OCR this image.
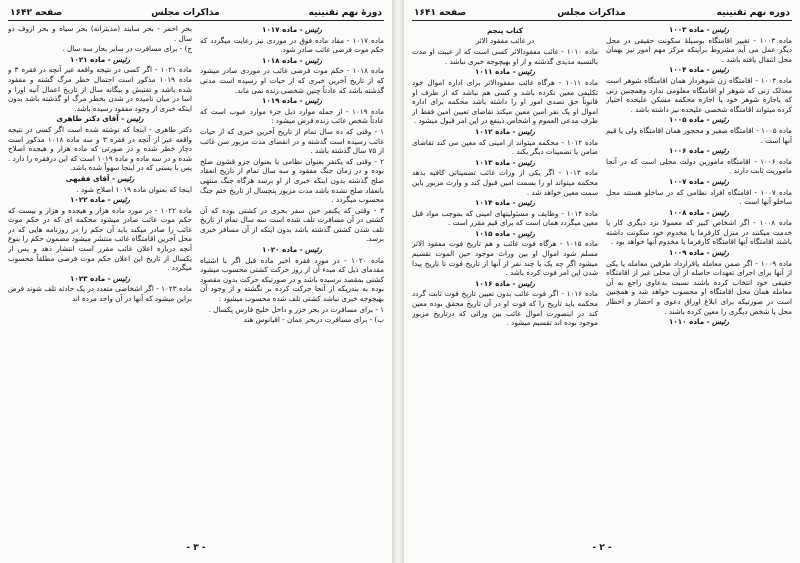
دورهٔ نهم تقنینیه
مذاکرات مجلس
صفحه ۱۶۴۲
رئیس - ماده ۱۰۱۷

ماده ۱۰۱۷ - مفاد ماده فوق در موردی نیز رعایت میگردد که حکم موت فرضی غائب صادر شود.

رئیس - ماده ۱۰۱۸

ماده ۱۰۱۸ - حکم موت فرضی غائب در موردی صادر میشود که از تاریخ آخرین خبری که از حیات او رسیده است مدتی گذشته باشد که عادتاً چنین شخصی زنده نمی ماند.

رئیس - ماده ۱۰۱۹

ماده ۱۰۱۹ - از جمله موارد ذیل جزء موارد عبوب است که عادتاً شخص غائب زنده فرض میشود :

۱ - وقتی که ده سال تمام از تاریخ آخرین خبری که از حیات غائب رسیده است گذشته و در انقضای مدت مزبور سن غائب از ۷۵ سال گذشته باشد .

۲ - وقتی که یکنفر بعنوان نظامی یا بعنوان جزو قشون صلح بوده و در زمان جنگ مفقود و سه سال تمام از تاریخ انعقاد صلح گذشته بدون اینکه خبری از او برسد هرگاه جنگ منتهی بانعقاد صلح نشده باشد مدت مزبور پنجسال از تاریخ ختم جنگ محسوب میگردد .

۳ - وقتی که یکنفر حین سفر بحری در کشتی بوده که آن کشتی در آن مسافرت تلف شده است سه سال تمام از تاریخ تلف شدن کشتی گذشته باشد بدون اینکه از آن مسافر خبری برسد.

رئیس - ماده ۱۰۲۰

ماده ۱۰۲۰ - در مورد فقره اخیر ماده قبل اگر با اشتباه مقدمای ذیل که مبدء آن از روز حرکت کشتی محسوب میشود کشتی بمقصد نرسیده باشد و در صورتیکه حرکت بدون مقصود بوده به بندریکه از آنجا حرکت کرده بر نگشته و از وجود آن بهیچوجه خبری نباشد کشتی تلف شده محسوب میشود :

۱ - برای مسافرت در بحر خزر و داخل خلیج فارس یکسال .

ب) - برای مسافرت دربحر عمان - اقیانوس هند

بحر احمر - بحر سایند (مدیترانه) بحر سیاه و بحر ازوف دو سال .

ج) - برای مسافرت در سایر بحار سه سال .

رئیس - ماده ۱۰۲۱

ماده ۱۰۲۱ - اگر کسی در نتیجه واقعه غیر آنچه در فقره ۳ و ماده ۱۰۱۹ مذکور است احتمال خطر مرگ گشته و مفقود شده باشد و تفتیش و بیگانه سال از تاریخ اعمال آنیه اورا و اسا در میان نامیده در شدن بخطر مرگ او گذشته باشد بدون اینکه خبری از وجود مفقود رسیده باشد.

رئیس - آقای دکتر طاهری

دکتر طاهری - اینجا که نوشته شده است اگر کسی در نتیجه واقعه غیر از آنچه در فقره ۳ و سه ماده ۱۰۱۸ مذکور است دچار خطر شده و در صورتی که ماده هزار و هیجده اصلاح شده و در سه ماده و ماده ۱۰۱۹ است که این درفقره را دارد . پس با یستی که در اینجا سهواً شده باشد.

رئیس - آقای فقیهی

اینجا که بعنوان ماده ۱۰۱۹ اصلاح شود .

رئیس - ماده ۱۰۲۲

ماده ۱۰۲۲ - در مورد ماده هزار و هیجده و هزار و بیست که حکم موت غائب صادر میشود محکمه ای که در حکم موت غائب را صادر میکند باید آن حکم را در روزنامه هایی که در محل آخرین اقامتگاه غائب منتشر میشود مضمون حکم را بنوع آنچه درباره اعلان غائب مقرر است انتشار دهد و پس از یکسال از تاریخ این اعلان حکم موت فرضی مطلقاً محسوب میگردد .

رئیس - ماده ۱۰۲۳

ماده ۱۰۲۳ - اگر اشخاصی متعدد در یک حادثه تلف شوند فرض براین میشود که آنها در آن واحد مرده اند

- ۳ -
دوره نهم تقنینیه
مذاکرات مجلس
صفحه ۱۶۴۱
رئیس - ماده ۱۰۰۳

ماده ۱۰۰۳ - تغییر اقامتگاه بوسیلهٔ سکونت حقیقی در محل دیگر عمل می آید مشروط براینکه مرکز مهم امور نیز بهمان محل انتقال یافته باشد .

رئیس - ماده ۱۰۰۴

ماده ۱۰۰۴ - اقامتگاه زن شوهردار همان اقامتگاه شوهر است معذلک زنی که شوهر او اقامتگاه معلومی ندارد وهمچنین زنی که باجازه شوهر خود یا اجازه محکمه مسکن علیحده اختیار کرده میتواند اقامتگاه شخصی علیحده نیز داشته باشد .

رئیس - ماده ۱۰۰۵

ماده ۱۰۰۵ - اقامتگاه صغیر و محجور همان اقامتگاه ولی یا قیم آنها است .

رئیس - ماده ۱۰۰۶

ماده ۱۰۰۶ - اقامتگاه مامورین دولت محلی است که در آنجا ماموریت ثابت دارند .

رئیس - ماده ۱۰۰۷

ماده ۱۰۰۷ - اقامتگاه افراد نظامی که در ساخلو هستند محل ساخلو آنها است .

رئیس - ماده ۱۰۰۸

ماده ۱۰۰۸ - اگر اشخاص کبیر که معمولا نزد دیگری کار یا خدمت میکنند در منزل کارفرما یا مخدوم خود سکونت داشته باشند اقامتگاه آنها اقامتگاه کارفرما یا مخدوم آنها خواهد بود .

رئیس - ماده ۱۰۰۹

ماده ۱۰۰۹ - اگر ضمن معامله یاقرارداد طرفین معامله یا یکی از آنها برای اجرای تعهدات حاصله از آن محلی غیر از اقامتگاه حقیقی خود انتخاب کرده باشند نسبت بدعاوی راجع به آن معامله همان محل اقامتگاه او محسوب خواهد شد و همچنین است در صورتیکه برای ابلاغ اوراق دعوی و احضار و اخطار محل یا شخص دیگری را معین کرده باشند .

رئیس - ماده ۱۰۱۰
کتاب پنجم
در غائب مفقود الاثر

ماده ۱۰۱۰ - غائب مفقودالاثر کسی است که از غیبت او مدت بالنسبه مدیدی گذشته و از او بهیچوجه خبری نباشد .

رئیس - ماده ۱۰۱۱

ماده ۱۰۱۱ - هرگاه غائب مفقودالاثر برای اداره اموال خود تکلیفی معین نکرده باشد و کسی هم نباشد که از طرف او قانوناً حق تصدی امور او را داشته باشد محکمه برای اداره اموال او یک نفر امین معین میکند تقاضای تعیین امین فقط از طرف مدعی العموم و اشخاص ذینفع در این امر قبول میشود .

رئیس - ماده ۱۰۱۲

ماده ۱۰۱۲ - محکمه میتواند از امینی که معین می کند تقاضای ضامن یا تضمینات دیگر بکند .

رئیس - ماده ۱۰۱۳

ماده ۱۰۱۳ - اگر یکی از وراث غائب تضمیناتی کافیه بدهد محکمه میتواند او را بسمت امین قبول کند و وارث مزبور باین سمت معین خواهد شد .

رئیس - ماده ۱۰۱۴

ماده ۱۰۱۴ - وظایف و مسئولیتهای امینی که بموجب مواد قبل معین میگردد همان است که برای قیم مقرر است .

رئیس - ماده ۱۰۱۵

ماده ۱۰۱۵ - هرگاه فوت غائب و هم تاریخ فوت مفقود الاثر مسلم شود اموال او بین وراث موجود حین الموت تقسیم میشود اگر چه یک یا چند نفر از آنها از تاریخ فوت تا تاریخ پیدا شدن این امر فوت کرده باشد .

رئیس - ماده ۱۰۱۶

ماده ۱۰۱۶ - اگر فوت غائب بدون تعیین تاریخ فوت ثابت گردد محکمه باید تاریخ را که فوت او در آن تاریخ محقق بوده معین کند در اینصورت اموال غائب بین وراثی که درتاریخ مزبور موجود بوده اند تقسیم میشود .

- ۲ -
